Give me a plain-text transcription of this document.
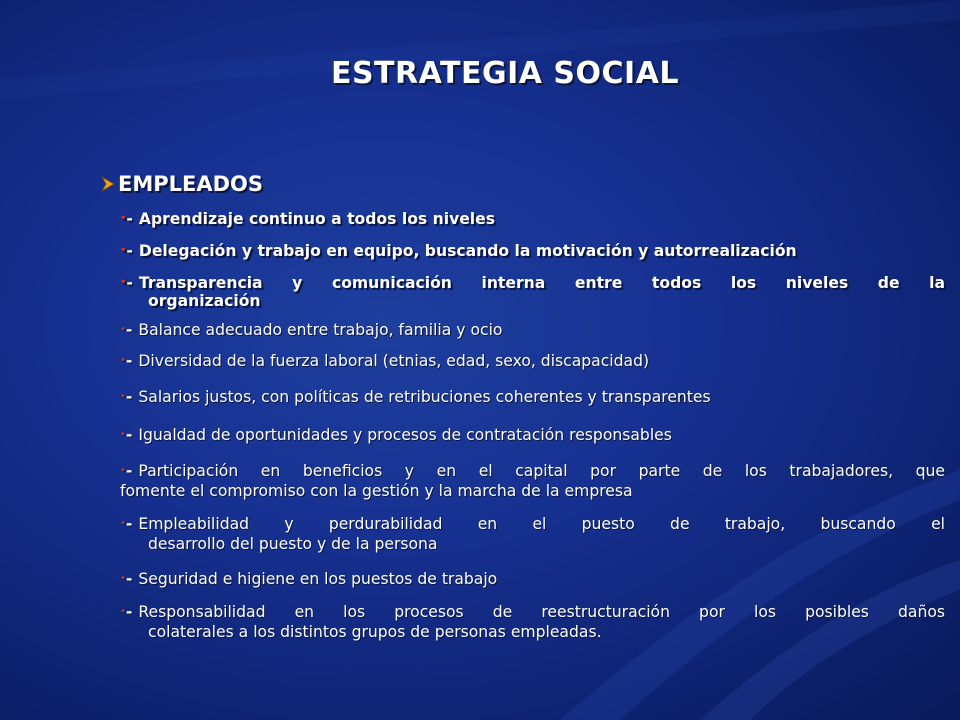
ESTRATEGIA SOCIAL
EMPLEADOS
•- Aprendizaje continuo a todos los niveles
•- Delegación y trabajo en equipo, buscando la motivación y autorrealización
•- Transparencia y comunicación interna entre todos los niveles de la
organización
•- Balance adecuado entre trabajo, familia y ocio
•- Diversidad de la fuerza laboral (etnias, edad, sexo, discapacidad)
•- Salarios justos, con políticas de retribuciones coherentes y transparentes
•- Igualdad de oportunidades y procesos de contratación responsables
•- Participación en beneficios y en el capital por parte de los trabajadores, que
fomente el compromiso con la gestión y la marcha de la empresa
•- Empleabilidad y perdurabilidad en el puesto de trabajo, buscando el
desarrollo del puesto y de la persona
•- Seguridad e higiene en los puestos de trabajo
•- Responsabilidad en los procesos de reestructuración por los posibles daños
colaterales a los distintos grupos de personas empleadas.
